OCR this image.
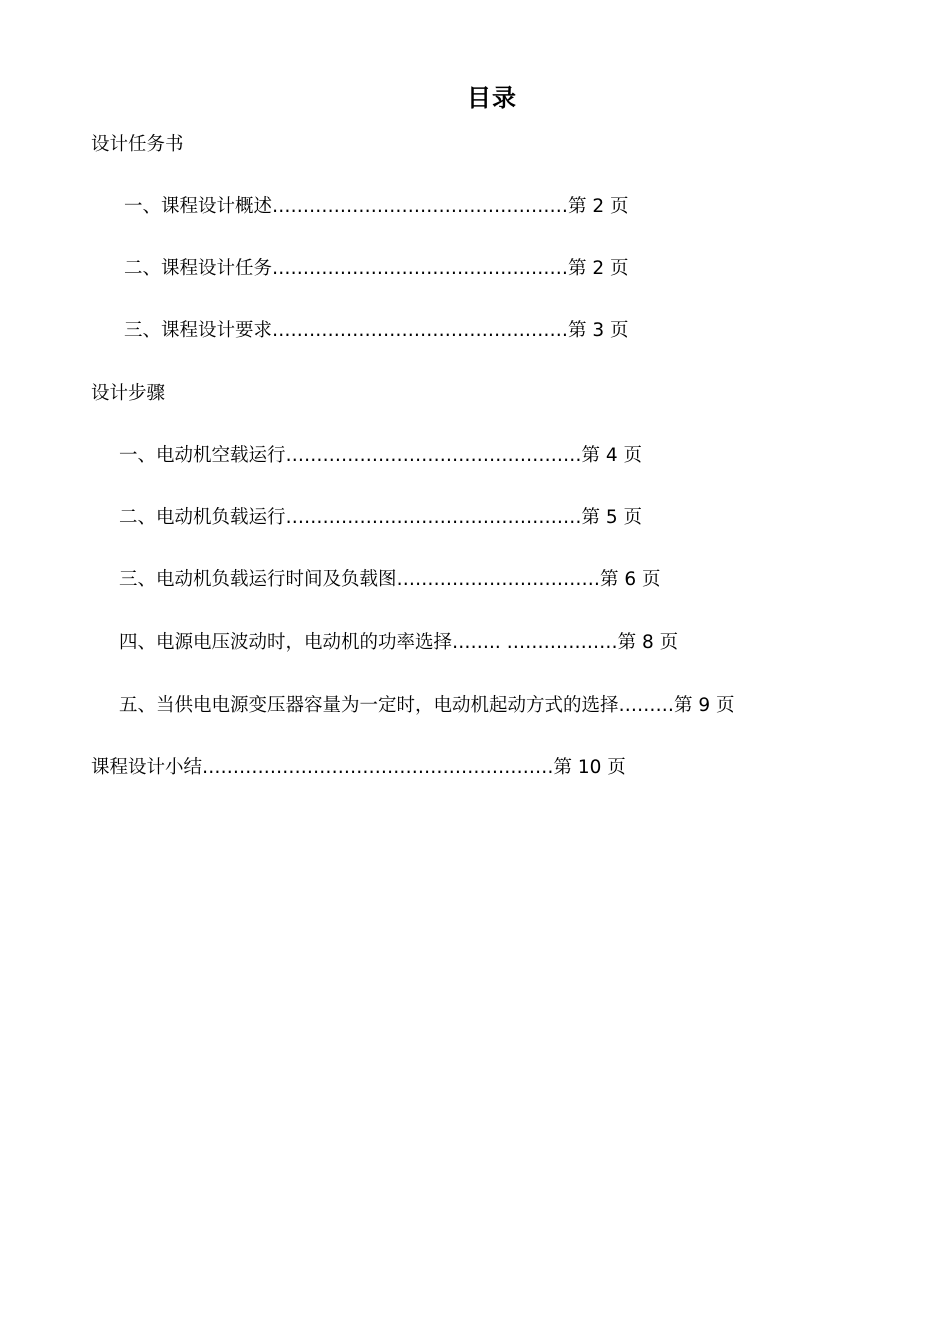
目录
设计任务书
一、课程设计概述…………………………………………第 2 页
二、课程设计任务…………………………………………第 2 页
三、课程设计要求…………………………………………第 3 页
设计步骤
一、电动机空载运行…………………………………………第 4 页
二、电动机负载运行…………………………………………第 5 页
三、电动机负载运行时间及负载图……………………………第 6 页
四、电源电压波动时，电动机的功率选择…….. ………………第 8 页
五、当供电电源变压器容量为一定时，电动机起动方式的选择………第 9 页
课程设计小结…………………………………………………第 10 页
